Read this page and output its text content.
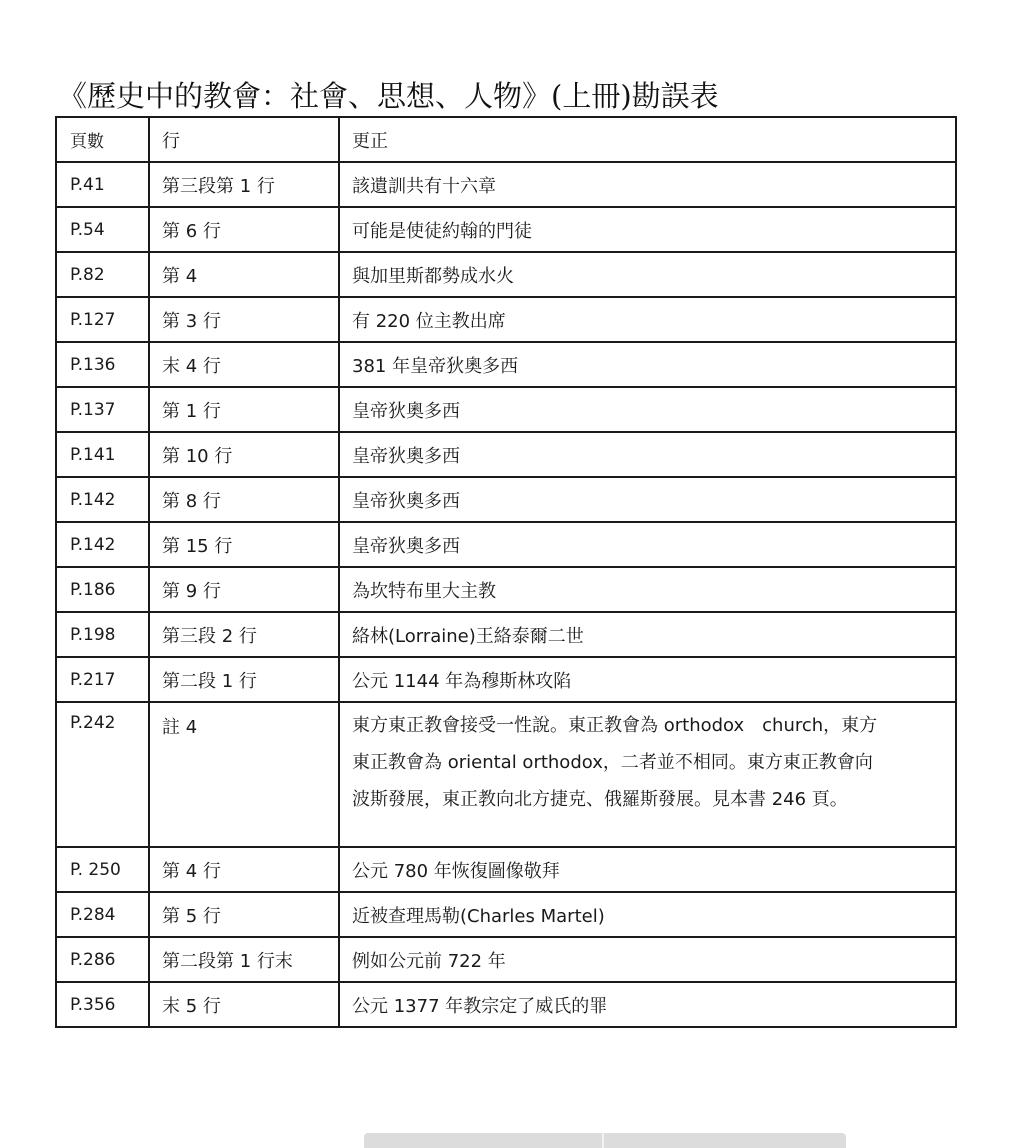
《歷史中的教會：社會、思想、人物》(上冊)勘誤表
頁數	行	更正
P.41	第三段第 1 行	該遺訓共有十六章
P.54	第 6 行	可能是使徒約翰的門徒
P.82	第 4	與加里斯都勢成水火
P.127	第 3 行	有 220 位主教出席
P.136	末 4 行	381 年皇帝狄奧多西
P.137	第 1 行	皇帝狄奧多西
P.141	第 10 行	皇帝狄奧多西
P.142	第 8 行	皇帝狄奧多西
P.142	第 15 行	皇帝狄奧多西
P.186	第 9 行	為坎特布里大主教
P.198	第三段 2 行	絡林(Lorraine)王絡泰爾二世
P.217	第二段 1 行	公元 1144 年為穆斯林攻陷
P.242	註 4	東方東正教會接受一性說。東正教會為 orthodox　church，東方
東正教會為 oriental orthodox，二者並不相同。東方東正教會向
波斯發展，東正教向北方捷克、俄羅斯發展。見本書 246 頁。

P. 250	第 4 行	公元 780 年恢復圖像敬拜
P.284	第 5 行	近被查理馬勒(Charles Martel)
P.286	第二段第 1 行末	例如公元前 722 年
P.356	末 5 行	公元 1377 年教宗定了威氏的罪
